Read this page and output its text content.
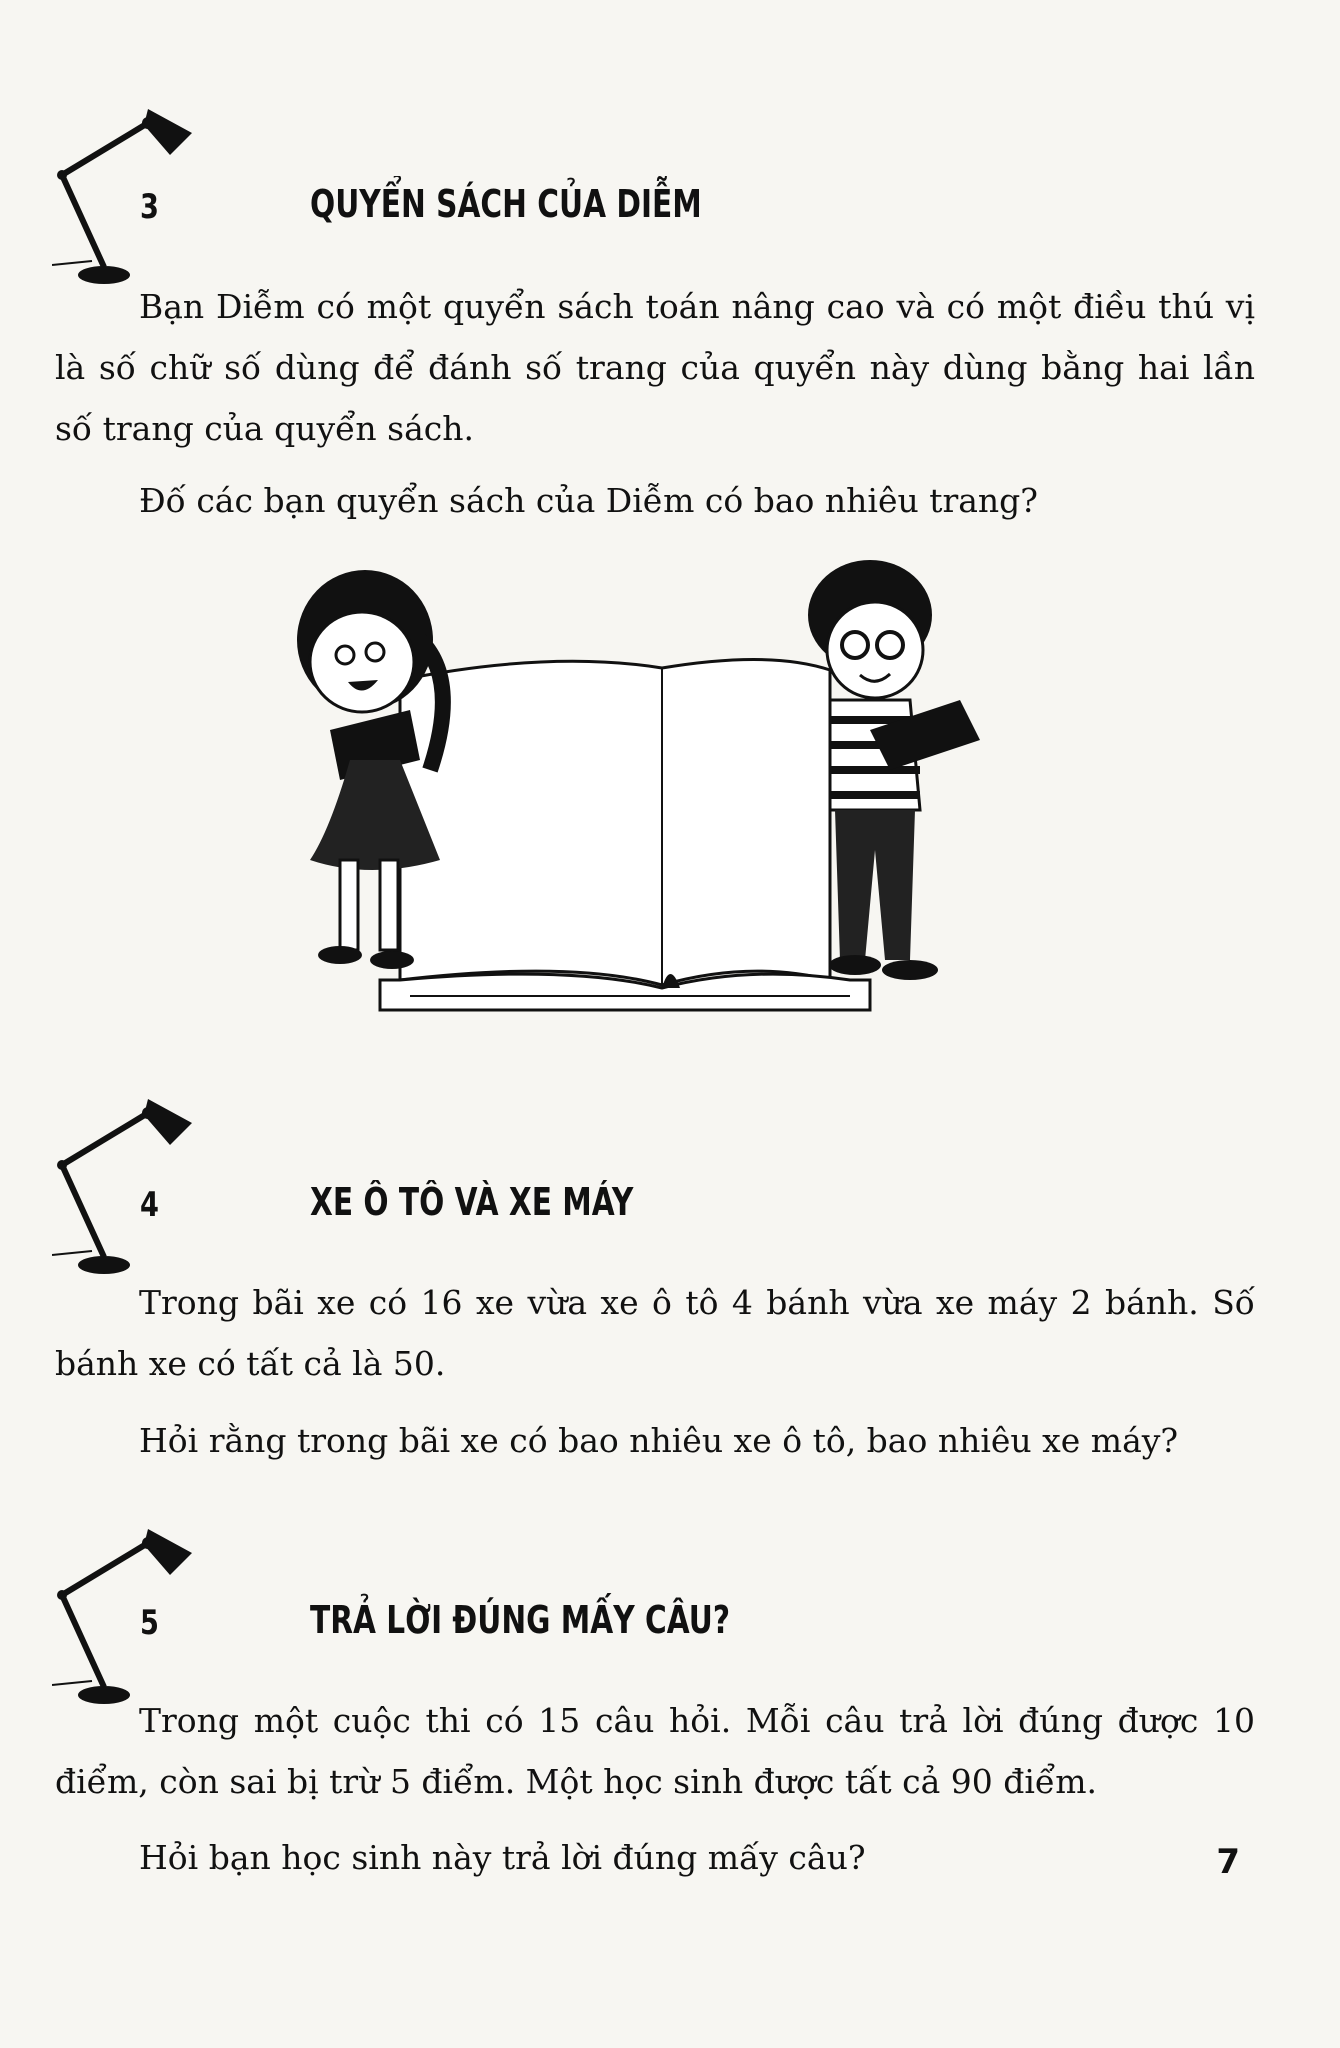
3	QUYỂN SÁCH CỦA DIỄM

Bạn Diễm có một quyển sách toán nâng cao và có một điều thú vị là số chữ số dùng để đánh số trang của quyển này dùng bằng hai lần số trang của quyển sách.

Đố các bạn quyển sách của Diễm có bao nhiêu trang?

4	XE Ô TÔ VÀ XE MÁY

Trong bãi xe có 16 xe vừa xe ô tô 4 bánh vừa xe máy 2 bánh. Số bánh xe có tất cả là 50.

Hỏi rằng trong bãi xe có bao nhiêu xe ô tô, bao nhiêu xe máy?

5	TRẢ LỜI ĐÚNG MẤY CÂU?

Trong một cuộc thi có 15 câu hỏi. Mỗi câu trả lời đúng được 10 điểm, còn sai bị trừ 5 điểm. Một học sinh được tất cả 90 điểm.

Hỏi bạn học sinh này trả lời đúng mấy câu?	7
